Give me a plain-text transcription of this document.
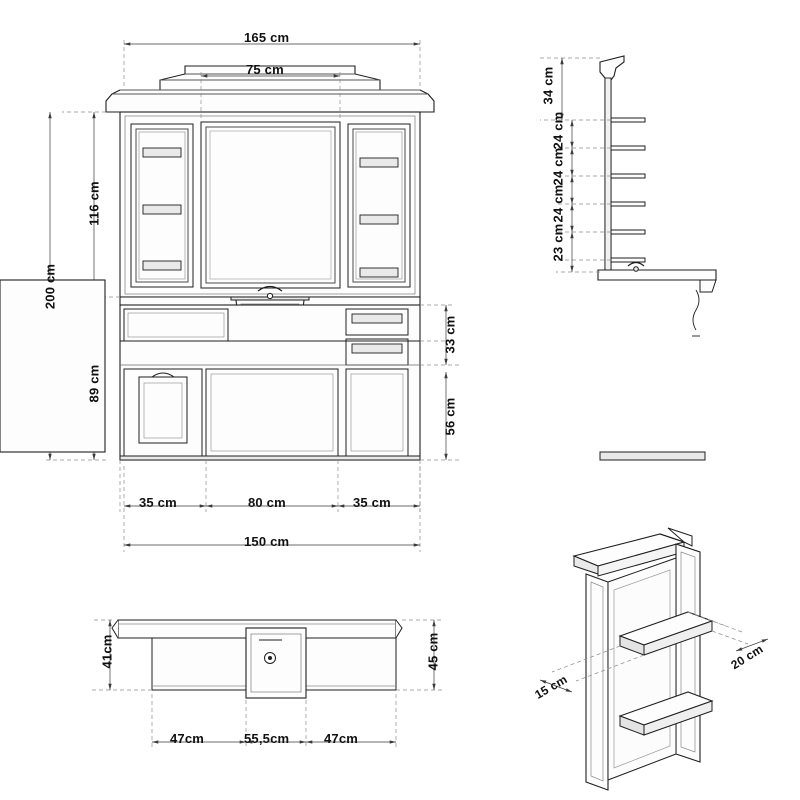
165 cm
75 cm
200 cm
116 cm
89 cm
33 cm
56 cm
35 cm	80 cm	35 cm
150 cm
34 cm
24 cm
24 cm
24 cm
23 cm
41cm	45 cm
47cm	55,5cm	47cm
20 cm
15 cm
